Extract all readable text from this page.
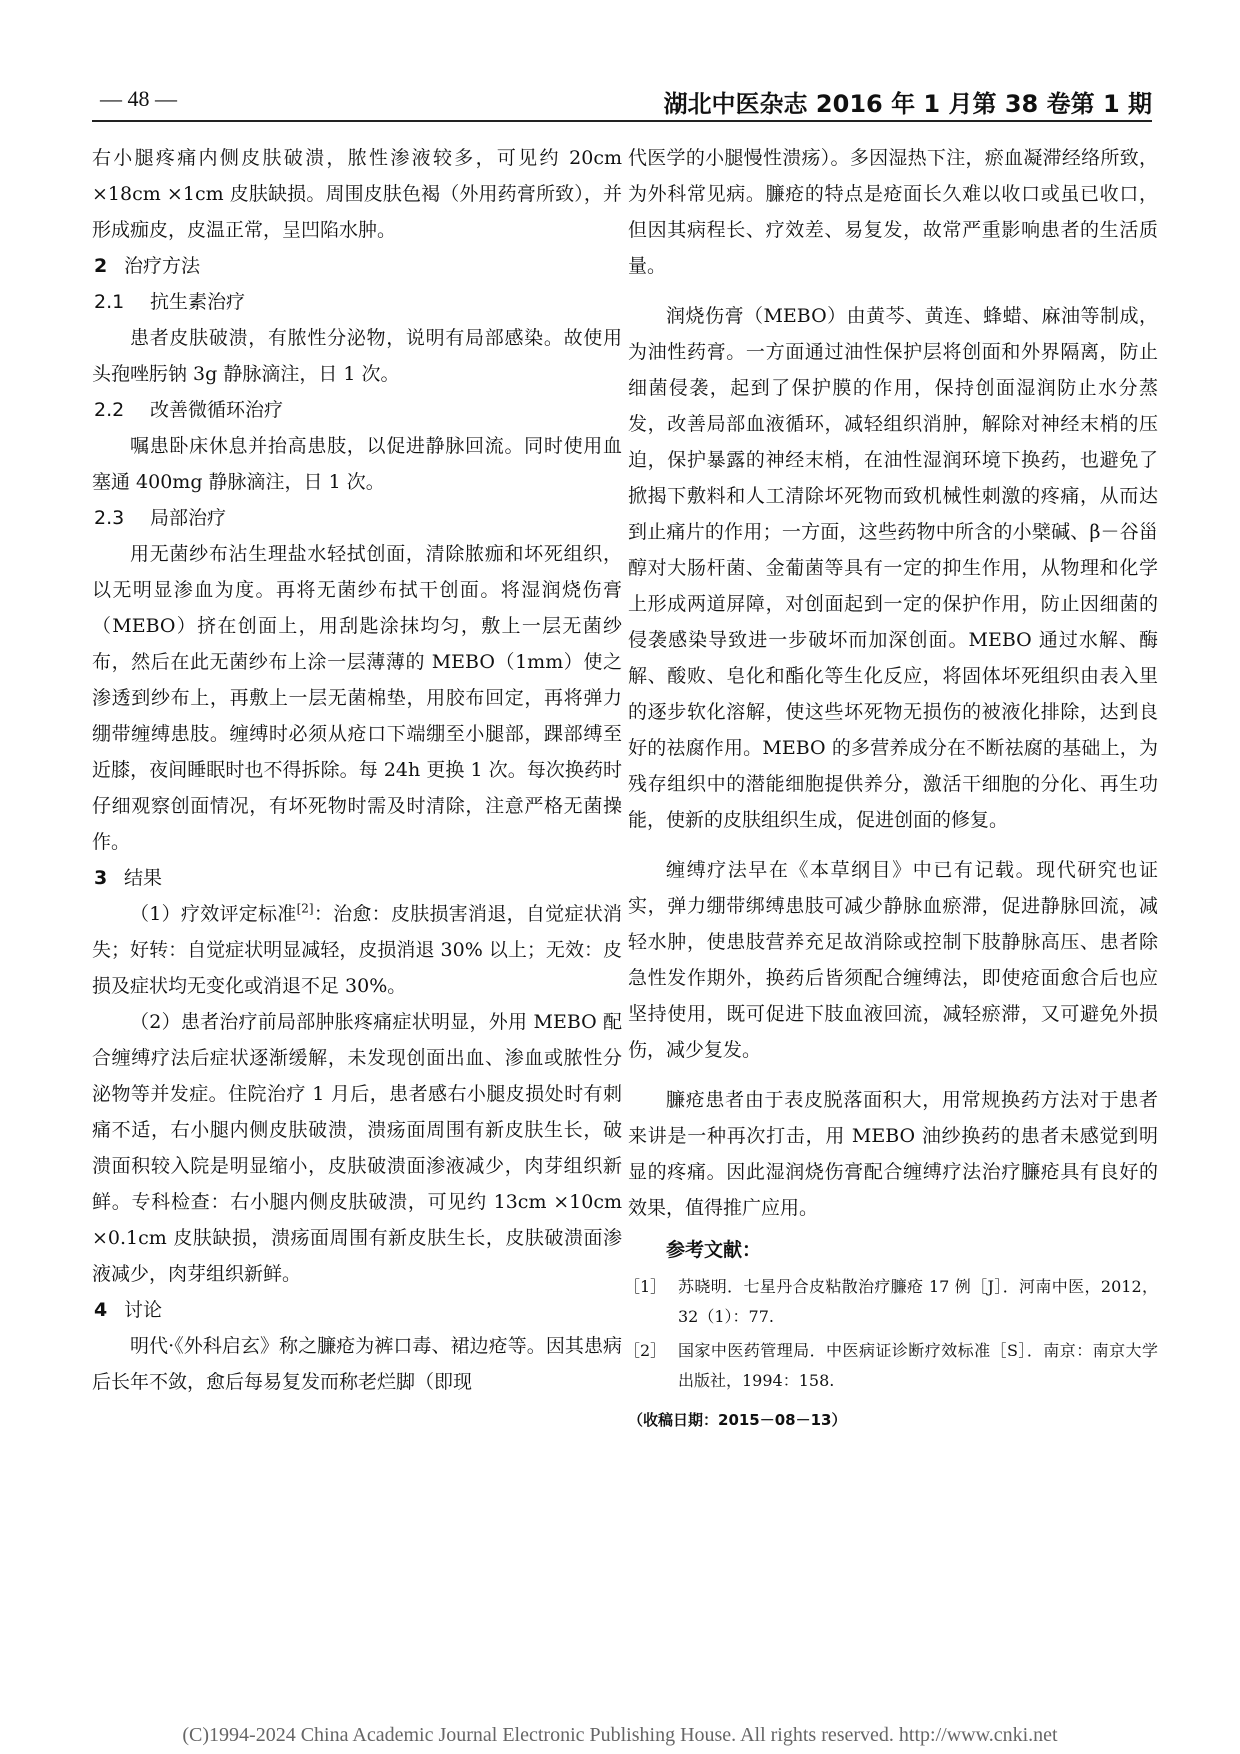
— 48 —	湖北中医杂志 2016 年 1 月第 38 卷第 1 期

右小腿疼痛内侧皮肤破溃，脓性渗液较多，可见约 20cm ×18cm ×1cm 皮肤缺损。周围皮肤色褐（外用药膏所致），并形成痂皮，皮温正常，呈凹陷水肿。

2 治疗方法

2.1 抗生素治疗

患者皮肤破溃，有脓性分泌物，说明有局部感染。故使用头孢唑肟钠 3g 静脉滴注，日 1 次。

2.2 改善微循环治疗

嘱患卧床休息并抬高患肢，以促进静脉回流。同时使用血塞通 400mg 静脉滴注，日 1 次。

2.3 局部治疗

用无菌纱布沾生理盐水轻拭创面，清除脓痂和坏死组织，以无明显渗血为度。再将无菌纱布拭干创面。将湿润烧伤膏（MEBO）挤在创面上，用刮匙涂抹均匀，敷上一层无菌纱布，然后在此无菌纱布上涂一层薄薄的 MEBO（1mm）使之渗透到纱布上，再敷上一层无菌棉垫，用胶布回定，再将弹力绷带缠缚患肢。缠缚时必须从疮口下端绷至小腿部，踝部缚至近膝，夜间睡眠时也不得拆除。每 24h 更换 1 次。每次换药时仔细观察创面情况，有坏死物时需及时清除，注意严格无菌操作。

3 结果

（1）疗效评定标准[2]：治愈：皮肤损害消退，自觉症状消失；好转：自觉症状明显减轻，皮损消退 30% 以上；无效：皮损及症状均无变化或消退不足 30%。

（2）患者治疗前局部肿胀疼痛症状明显，外用 MEBO 配合缠缚疗法后症状逐渐缓解，未发现创面出血、渗血或脓性分泌物等并发症。住院治疗 1 月后，患者感右小腿皮损处时有刺痛不适，右小腿内侧皮肤破溃，溃疡面周围有新皮肤生长，破溃面积较入院是明显缩小，皮肤破溃面渗液减少，肉芽组织新鲜。专科检查：右小腿内侧皮肤破溃，可见约 13cm ×10cm ×0.1cm 皮肤缺损，溃疡面周围有新皮肤生长，皮肤破溃面渗液减少，肉芽组织新鲜。

4 讨论

明代·《外科启玄》称之臁疮为裤口毒、裙边疮等。因其患病后长年不敛，愈后每易复发而称老烂脚（即现

代医学的小腿慢性溃疡）。多因湿热下注，瘀血凝滞经络所致，为外科常见病。臁疮的特点是疮面长久难以收口或虽已收口，但因其病程长、疗效差、易复发，故常严重影响患者的生活质量。

润烧伤膏（MEBO）由黄芩、黄连、蜂蜡、麻油等制成，为油性药膏。一方面通过油性保护层将创面和外界隔离，防止细菌侵袭，起到了保护膜的作用，保持创面湿润防止水分蒸发，改善局部血液循环，减轻组织消肿，解除对神经末梢的压迫，保护暴露的神经末梢，在油性湿润环境下换药，也避免了掀揭下敷料和人工清除坏死物而致机械性刺激的疼痛，从而达到止痛片的作用；一方面，这些药物中所含的小檗碱、β－谷甾醇对大肠杆菌、金葡菌等具有一定的抑生作用，从物理和化学上形成两道屏障，对创面起到一定的保护作用，防止因细菌的侵袭感染导致进一步破坏而加深创面。MEBO 通过水解、酶解、酸败、皂化和酯化等生化反应，将固体坏死组织由表入里的逐步软化溶解，使这些坏死物无损伤的被液化排除，达到良好的祛腐作用。MEBO 的多营养成分在不断祛腐的基础上，为残存组织中的潜能细胞提供养分，激活干细胞的分化、再生功能，使新的皮肤组织生成，促进创面的修复。

缠缚疗法早在《本草纲目》中已有记载。现代研究也证实，弹力绷带绑缚患肢可减少静脉血瘀滞，促进静脉回流，减轻水肿，使患肢营养充足故消除或控制下肢静脉高压、患者除急性发作期外，换药后皆须配合缠缚法，即使疮面愈合后也应坚持使用，既可促进下肢血液回流，减轻瘀滞，又可避免外损伤，减少复发。

臁疮患者由于表皮脱落面积大，用常规换药方法对于患者来讲是一种再次打击，用 MEBO 油纱换药的患者未感觉到明显的疼痛。因此湿润烧伤膏配合缠缚疗法治疗臁疮具有良好的效果，值得推广应用。

参考文献：

［1］ 苏晓明．七星丹合皮粘散治疗臁疮 17 例［J］．河南中医，2012，32（1）：77.

［2］ 国家中医药管理局．中医病证诊断疗效标准［S］．南京：南京大学出版社，1994：158.

（收稿日期：2015－08－13）

(C)1994-2024 China Academic Journal Electronic Publishing House. All rights reserved. http://www.cnki.net
